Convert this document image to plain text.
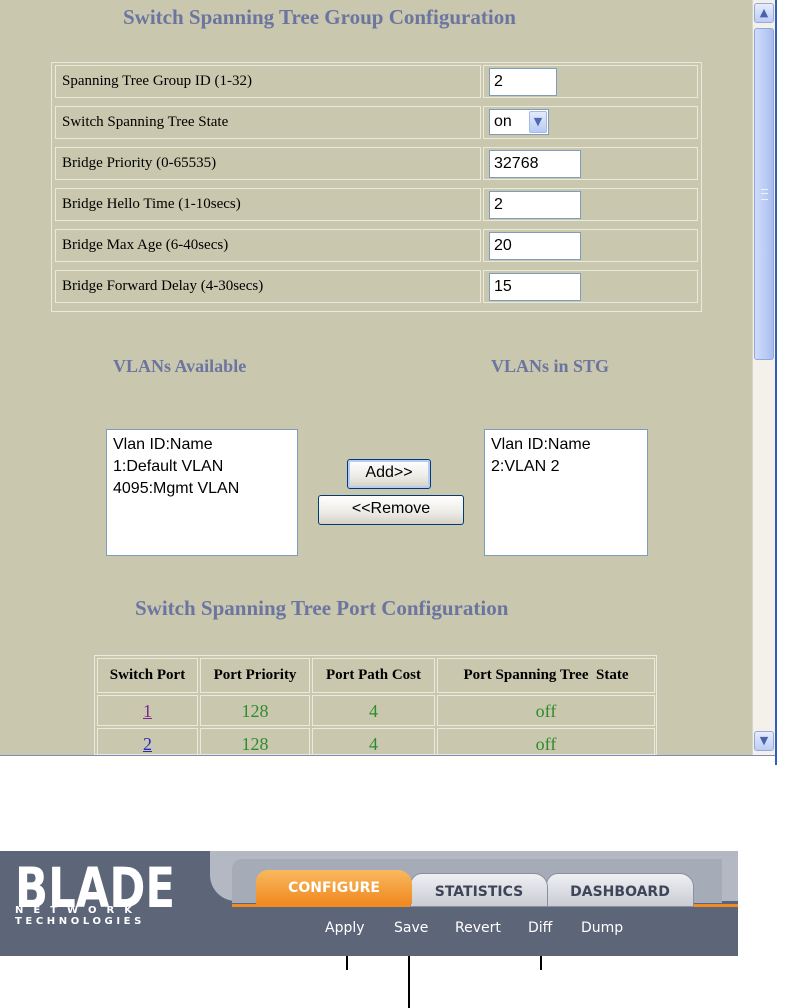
Switch Spanning Tree Group Configuration
Spanning Tree Group ID (1-32)	2
Switch Spanning Tree State	on	▼
Bridge Priority (0-65535)	32768
Bridge Hello Time (1-10secs)	2
Bridge Max Age (6-40secs)	20
Bridge Forward Delay (4-30secs)	15
VLANs Available	VLANs in STG
Vlan ID:Name
1:Default VLAN
4095:Mgmt VLAN
Add>>
<<Remove
Vlan ID:Name
2:VLAN 2
Switch Spanning Tree Port Configuration
Switch Port	Port Priority	Port Path Cost	Port Spanning Tree  State
1	128	4	off
2	128	4	off
▲
▼
CONFIGURE	STATISTICS	DASHBOARD
Apply Save Revert Diff Dump
BLADE
NETWORK
TECHNOLOGIES
